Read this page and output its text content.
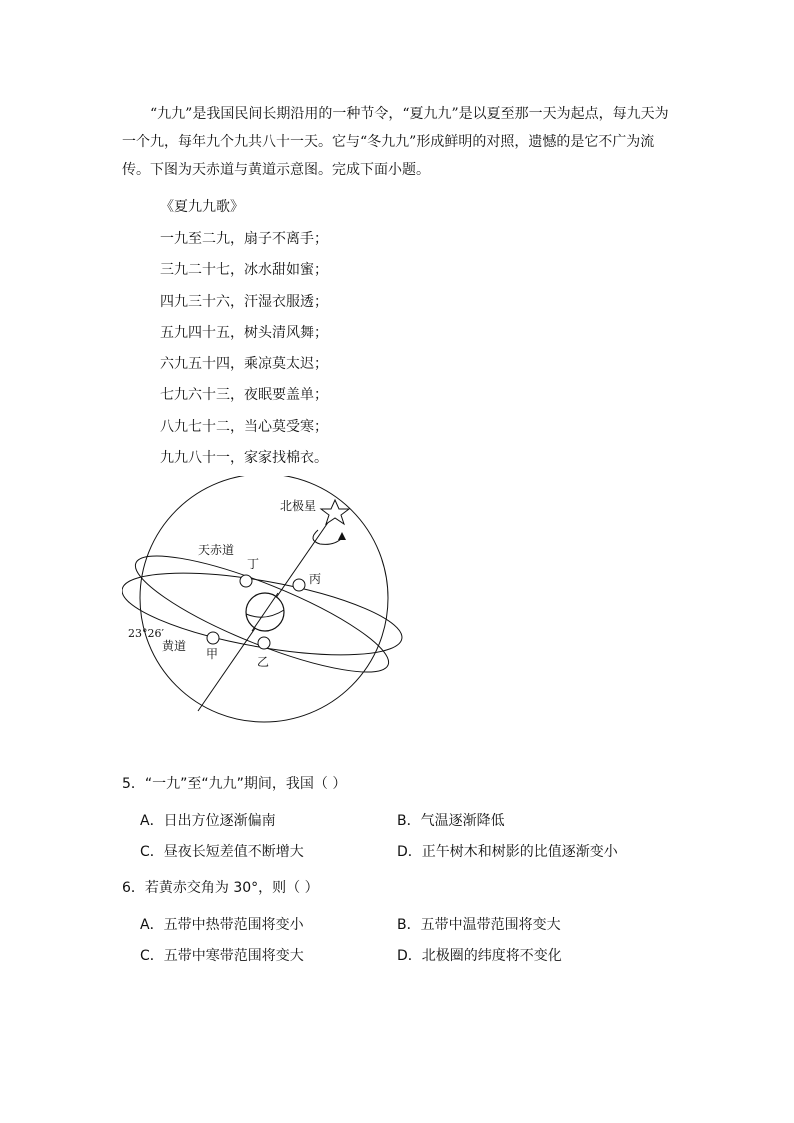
“九九”是我国民间长期沿用的一种节令，“夏九九”是以夏至那一天为起点，每九天为一个九，每年九个九共八十一天。它与“冬九九”形成鲜明的对照，遗憾的是它不广为流传。下图为天赤道与黄道示意图。完成下面小题。

《夏九九歌》
一九至二九，扇子不离手；
三九二十七，冰水甜如蜜；
四九三十六，汗湿衣服透；
五九四十五，树头清风舞；
六九五十四，乘凉莫太迟；
七九六十三，夜眠要盖单；
八九七十二，当心莫受寒；
九九八十一，家家找棉衣。
北极星
天赤道
丁
丙
23°26′
黄道
甲
乙
5．“一九”至“九九”期间，我国（ ）
A．日出方位逐渐偏南	B．气温逐渐降低
C．昼夜长短差值不断增大	D．正午树木和树影的比值逐渐变小
6．若黄赤交角为 30°，则（ ）
A．五带中热带范围将变小	B．五带中温带范围将变大
C．五带中寒带范围将变大	D．北极圈的纬度将不变化
